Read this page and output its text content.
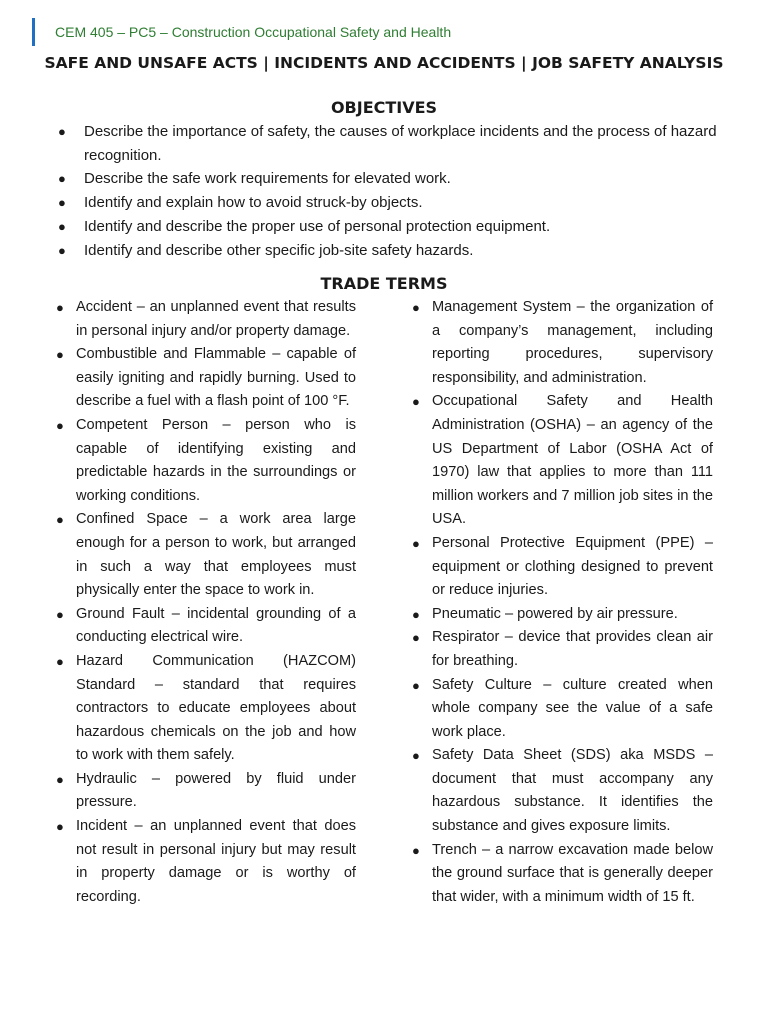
CEM 405 – PC5 – Construction Occupational Safety and Health
SAFE AND UNSAFE ACTS | INCIDENTS AND ACCIDENTS | JOB SAFETY ANALYSIS
OBJECTIVES
● Describe the importance of safety, the causes of workplace incidents and the process of hazard recognition.
● Describe the safe work requirements for elevated work.
● Identify and explain how to avoid struck-by objects.
● Identify and describe the proper use of personal protection equipment.
● Identify and describe other specific job-site safety hazards.
TRADE TERMS
● Accident – an unplanned event that results in personal injury and/or property damage.
● Combustible and Flammable – capable of easily igniting and rapidly burning. Used to describe a fuel with a flash point of 100 °F.
● Competent Person – person who is capable of identifying existing and predictable hazards in the surroundings or working conditions.
● Confined Space – a work area large enough for a person to work, but arranged in such a way that employees must physically enter the space to work in.
● Ground Fault – incidental grounding of a conducting electrical wire.
● Hazard Communication (HAZCOM) Standard – standard that requires contractors to educate employees about hazardous chemicals on the job and how to work with them safely.
● Hydraulic – powered by fluid under pressure.
● Incident – an unplanned event that does not result in personal injury but may result in property damage or is worthy of recording.
● Management System – the organization of a company’s management, including reporting procedures, supervisory responsibility, and administration.
● Occupational Safety and Health Administration (OSHA) – an agency of the US Department of Labor (OSHA Act of 1970) law that applies to more than 111 million workers and 7 million job sites in the USA.
● Personal Protective Equipment (PPE) – equipment or clothing designed to prevent or reduce injuries.
● Pneumatic – powered by air pressure.
● Respirator – device that provides clean air for breathing.
● Safety Culture – culture created when whole company see the value of a safe work place.
● Safety Data Sheet (SDS) aka MSDS – document that must accompany any hazardous substance. It identifies the substance and gives exposure limits.
● Trench – a narrow excavation made below the ground surface that is generally deeper that wider, with a minimum width of 15 ft.
